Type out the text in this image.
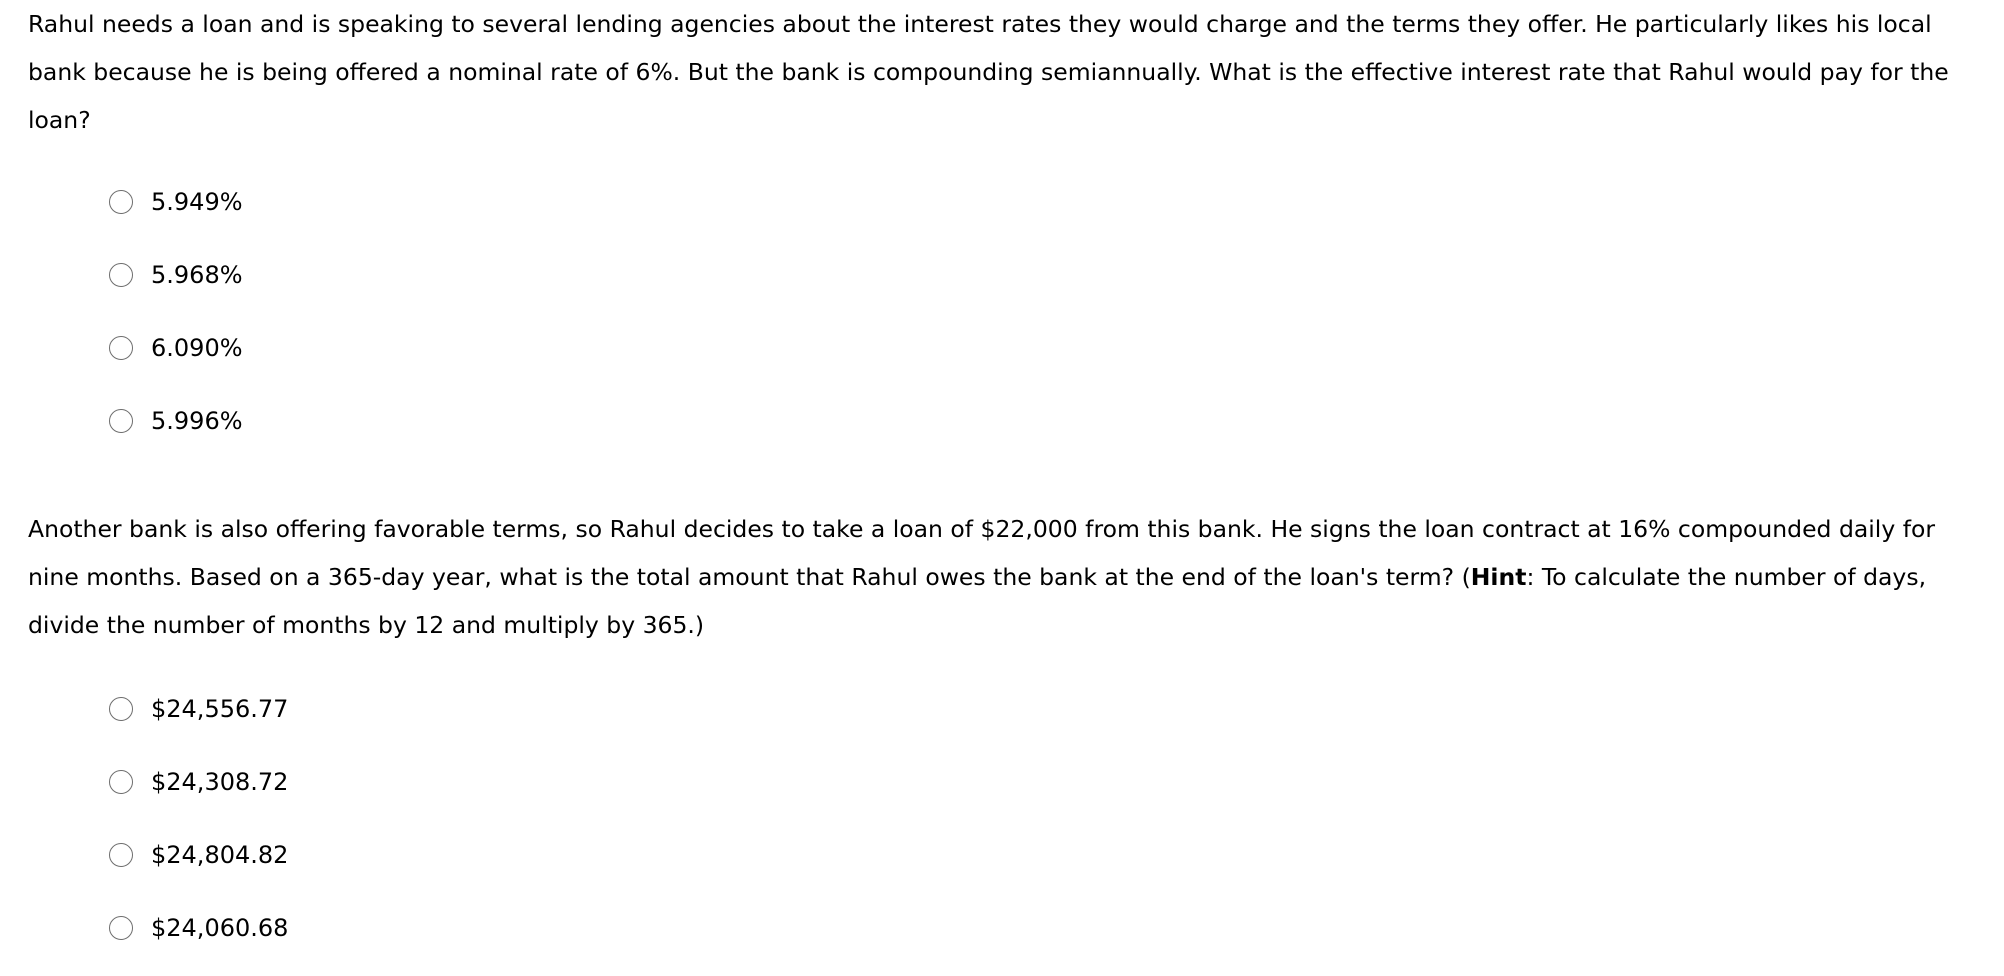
Rahul needs a loan and is speaking to several lending agencies about the interest rates they would charge and the terms they offer. He particularly likes his local bank because he is being offered a nominal rate of 6%. But the bank is compounding semiannually. What is the effective interest rate that Rahul would pay for the loan?

5.949%
5.968%
6.090%
5.996%

Another bank is also offering favorable terms, so Rahul decides to take a loan of $22,000 from this bank. He signs the loan contract at 16% compounded daily for nine months. Based on a 365-day year, what is the total amount that Rahul owes the bank at the end of the loan's term? (Hint: To calculate the number of days, divide the number of months by 12 and multiply by 365.)

$24,556.77
$24,308.72
$24,804.82
$24,060.68
